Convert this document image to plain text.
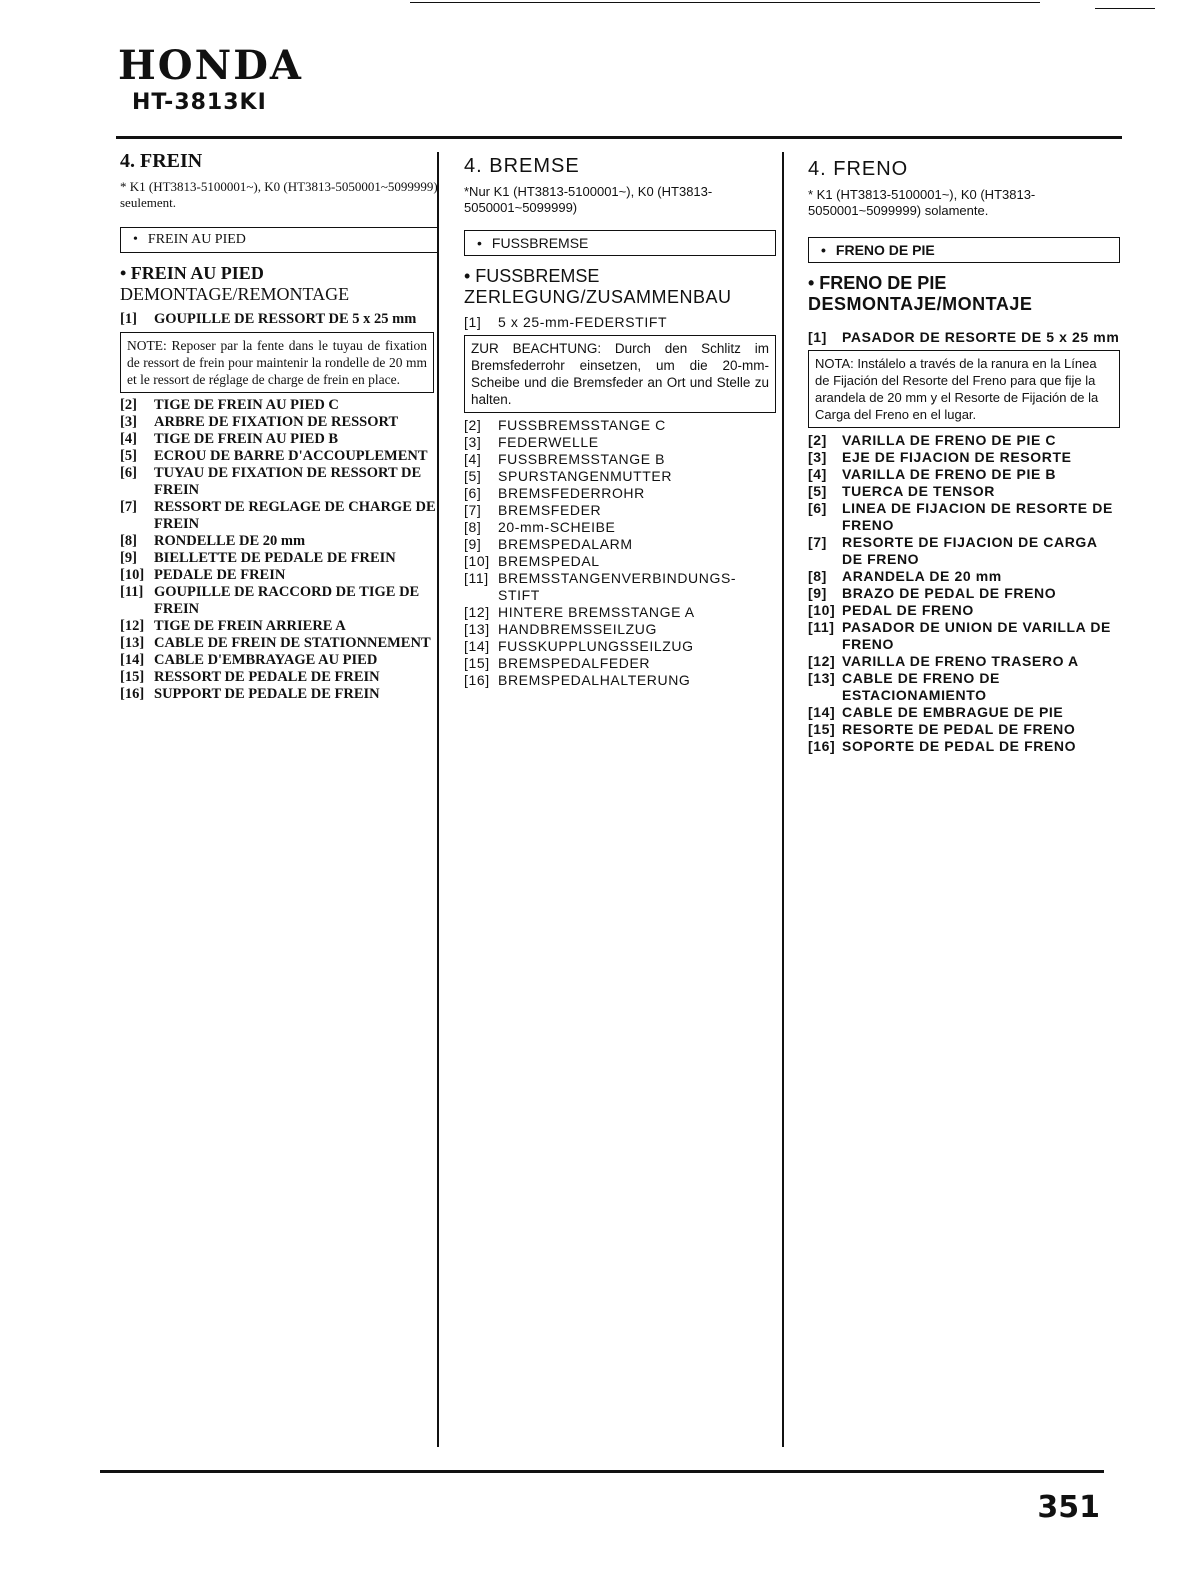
HONDA
HT-3813KI
4. FREIN
* K1 (HT3813-5100001~), K0 (HT3813-5050001~5099999) seulement.
• FREIN AU PIED
• FREIN AU PIED
DEMONTAGE/REMONTAGE
[1]	GOUPILLE DE RESSORT DE 5 x 25 mm
NOTE: Reposer par la fente dans le tuyau de fixation de ressort de frein pour maintenir la rondelle de 20 mm et le ressort de réglage de charge de frein en place.
[2]	TIGE DE FREIN AU PIED C
[3]	ARBRE DE FIXATION DE RESSORT
[4]	TIGE DE FREIN AU PIED B
[5]	ECROU DE BARRE D'ACCOUPLEMENT
[6]	TUYAU DE FIXATION DE RESSORT DE FREIN
[7]	RESSORT DE REGLAGE DE CHARGE DE FREIN
[8]	RONDELLE DE 20 mm
[9]	BIELLETTE DE PEDALE DE FREIN
[10] PEDALE DE FREIN
[11] GOUPILLE DE RACCORD DE TIGE DE FREIN
[12] TIGE DE FREIN ARRIERE A
[13] CABLE DE FREIN DE STATIONNEMENT
[14] CABLE D'EMBRAYAGE AU PIED
[15] RESSORT DE PEDALE DE FREIN
[16] SUPPORT DE PEDALE DE FREIN
4. BREMSE
*Nur K1 (HT3813-5100001~), K0 (HT3813-5050001~5099999)
• FUSSBREMSE
• FUSSBREMSE
ZERLEGUNG/ZUSAMMENBAU
[1]	5 x 25-mm-FEDERSTIFT
ZUR BEACHTUNG: Durch den Schlitz im Bremsfederrohr einsetzen, um die 20-mm-Scheibe und die Bremsfeder an Ort und Stelle zu halten.
[2]	FUSSBREMSSTANGE C
[3]	FEDERWELLE
[4]	FUSSBREMSSTANGE B
[5]	SPURSTANGENMUTTER
[6]	BREMSFEDERROHR
[7]	BREMSFEDER
[8]	20-mm-SCHEIBE
[9]	BREMSPEDALARM
[10] BREMSPEDAL
[11] BREMSSTANGENVERBINDUNGS-STIFT
[12] HINTERE BREMSSTANGE A
[13] HANDBREMSSEILZUG
[14] FUSSKUPPLUNGSSEILZUG
[15] BREMSPEDALFEDER
[16] BREMSPEDALHALTERUNG
4. FRENO
* K1 (HT3813-5100001~), K0 (HT3813-5050001~5099999) solamente.
• FRENO DE PIE
• FRENO DE PIE
DESMONTAJE/MONTAJE
[1]	PASADOR DE RESORTE DE 5 x 25 mm
NOTA: Instálelo a través de la ranura en la Línea de Fijación del Resorte del Freno para que fije la arandela de 20 mm y el Resorte de Fijación de la Carga del Freno en el lugar.
[2]	VARILLA DE FRENO DE PIE C
[3]	EJE DE FIJACION DE RESORTE
[4]	VARILLA DE FRENO DE PIE B
[5]	TUERCA DE TENSOR
[6]	LINEA DE FIJACION DE RESORTE DE FRENO
[7]	RESORTE DE FIJACION DE CARGA DE FRENO
[8]	ARANDELA DE 20 mm
[9]	BRAZO DE PEDAL DE FRENO
[10] PEDAL DE FRENO
[11] PASADOR DE UNION DE VARILLA DE FRENO
[12] VARILLA DE FRENO TRASERO A
[13] CABLE DE FRENO DE ESTACIONAMIENTO
[14] CABLE DE EMBRAGUE DE PIE
[15] RESORTE DE PEDAL DE FRENO
[16] SOPORTE DE PEDAL DE FRENO
351
